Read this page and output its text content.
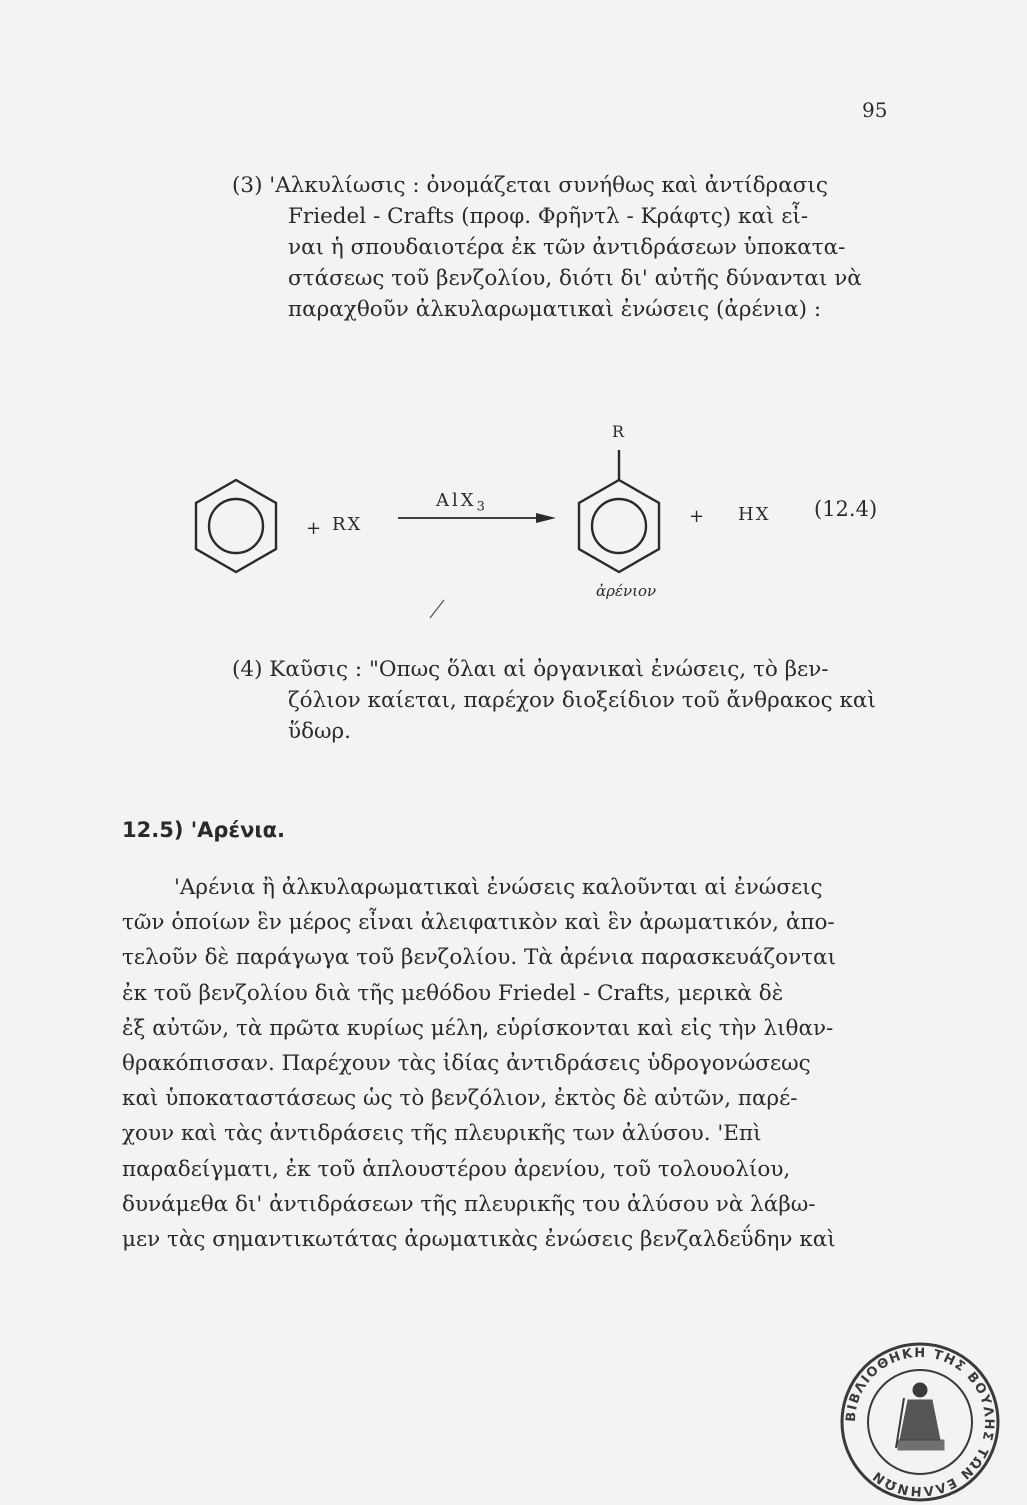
95

(3) 'Αλκυλίωσις : ὀνομάζεται συνήθως καὶ ἀντίδρασις
Friedel - Crafts (προφ. Φρῆντλ - Κράφτς) καὶ εἶ-
ναι ἡ σπουδαιοτέρα ἐκ τῶν ἀντιδράσεων ὑποκατα-
στάσεως τοῦ βενζολίου, διότι δι' αὐτῆς δύνανται νὰ
παραχθοῦν ἀλκυλαρωματικαὶ ἐνώσεις (ἀρένια) :

+ RX
AlX$_3$
R
+ HX
ἀρένιον
(12.4)

(4) Καῦσις : "Οπως ὅλαι αἱ ὀργανικαὶ ἐνώσεις, τὸ βεν-
ζόλιον καίεται, παρέχον διοξείδιον τοῦ ἄνθρακος καὶ
ὕδωρ.

12.5) 'Αρένια.

'Αρένια ἢ ἀλκυλαρωματικαὶ ἐνώσεις καλοῦνται αἱ ἐνώσεις
τῶν ὁποίων ἓν μέρος εἶναι ἀλειφατικὸν καὶ ἓν ἀρωματικόν, ἀπο-
τελοῦν δὲ παράγωγα τοῦ βενζολίου. Τὰ ἀρένια παρασκευάζονται
ἐκ τοῦ βενζολίου διὰ τῆς μεθόδου Friedel - Crafts, μερικὰ δὲ
ἐξ αὐτῶν, τὰ πρῶτα κυρίως μέλη, εὑρίσκονται καὶ εἰς τὴν λιθαν-
θρακόπισσαν. Παρέχουν τὰς ἰδίας ἀντιδράσεις ὑδρογονώσεως
καὶ ὑποκαταστάσεως ὡς τὸ βενζόλιον, ἐκτὸς δὲ αὐτῶν, παρέ-
χουν καὶ τὰς ἀντιδράσεις τῆς πλευρικῆς των ἀλύσου. 'Επὶ
παραδείγματι, ἐκ τοῦ ἁπλουστέρου ἀρενίου, τοῦ τολουολίου,
δυνάμεθα δι' ἀντιδράσεων τῆς πλευρικῆς του ἀλύσου νὰ λάβω-
μεν τὰς σημαντικωτάτας ἀρωματικὰς ἐνώσεις βενζαλδεΰδην καὶ

ΒΙΒΛΙΟΘΗΚΗ ΤΗΣ ΒΟΥΛΗΣ ΤΩΝ ΕΛΛΗΝΩΝ
